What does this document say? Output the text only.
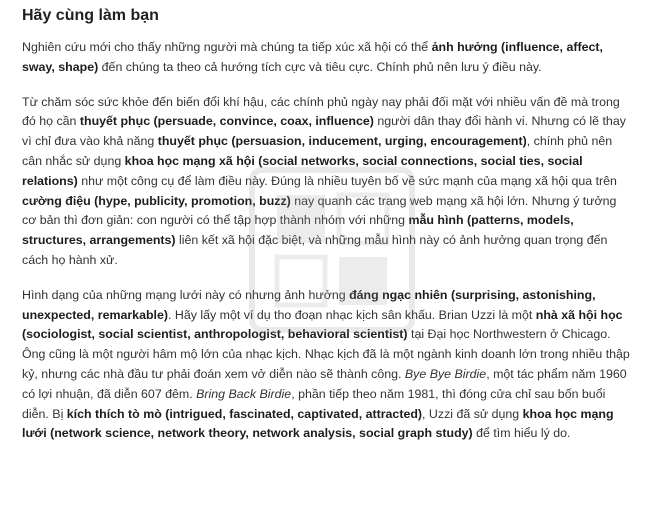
Hãy cùng làm bạn

Nghiên cứu mới cho thấy những người mà chúng ta tiếp xúc xã hội có thể ảnh hưởng (influence, affect, sway, shape) đến chúng ta theo cả hướng tích cực và tiêu cực. Chính phủ nên lưu ý điều này.

Từ chăm sóc sức khỏe đến biến đổi khí hậu, các chính phủ ngày nay phải đối mặt với nhiều vấn đề mà trong đó họ cần thuyết phục (persuade, convince, coax, influence) người dân thay đổi hành vi. Nhưng có lẽ thay vì chỉ đưa vào khả năng thuyết phục (persuasion, inducement, urging, encouragement), chính phủ nên cân nhắc sử dụng khoa học mạng xã hội (social networks, social connections, social ties, social relations) như một công cụ để làm điều này. Đúng là nhiều tuyên bố về sức mạnh của mạng xã hội qua trên cường điệu (hype, publicity, promotion, buzz) nay quanh các trang web mạng xã hội lớn. Nhưng ý tưởng cơ bản thì đơn giản: con người có thể tập hợp thành nhóm với những mẫu hình (patterns, models, structures, arrangements) liên kết xã hội đặc biệt, và những mẫu hình này có ảnh hưởng quan trọng đến cách họ hành xử.

Hình dạng của những mạng lưới này có nhưng ảnh hưởng đáng ngạc nhiên (surprising, astonishing, unexpected, remarkable). Hãy lấy một ví dụ tho đoạn nhạc kịch sân khấu. Brian Uzzi là một nhà xã hội học (sociologist, social scientist, anthropologist, behavioral scientist) tại Đại học Northwestern ở Chicago. Ông cũng là một người hâm mộ lớn của nhạc kịch. Nhạc kịch đã là một ngành kinh doanh lớn trong nhiều thập kỷ, nhưng các nhà đầu tư phải đoán xem vở diễn nào sẽ thành công. Bye Bye Birdie, một tác phẩm năm 1960 có lợi nhuận, đã diễn 607 đêm. Bring Back Birdie, phần tiếp theo năm 1981, thì đóng cửa chỉ sau bốn buổi diễn. Bị kích thích tò mò (intrigued, fascinated, captivated, attracted), Uzzi đã sử dụng khoa học mạng lưới (network science, network theory, network analysis, social graph study) để tìm hiểu lý do.
